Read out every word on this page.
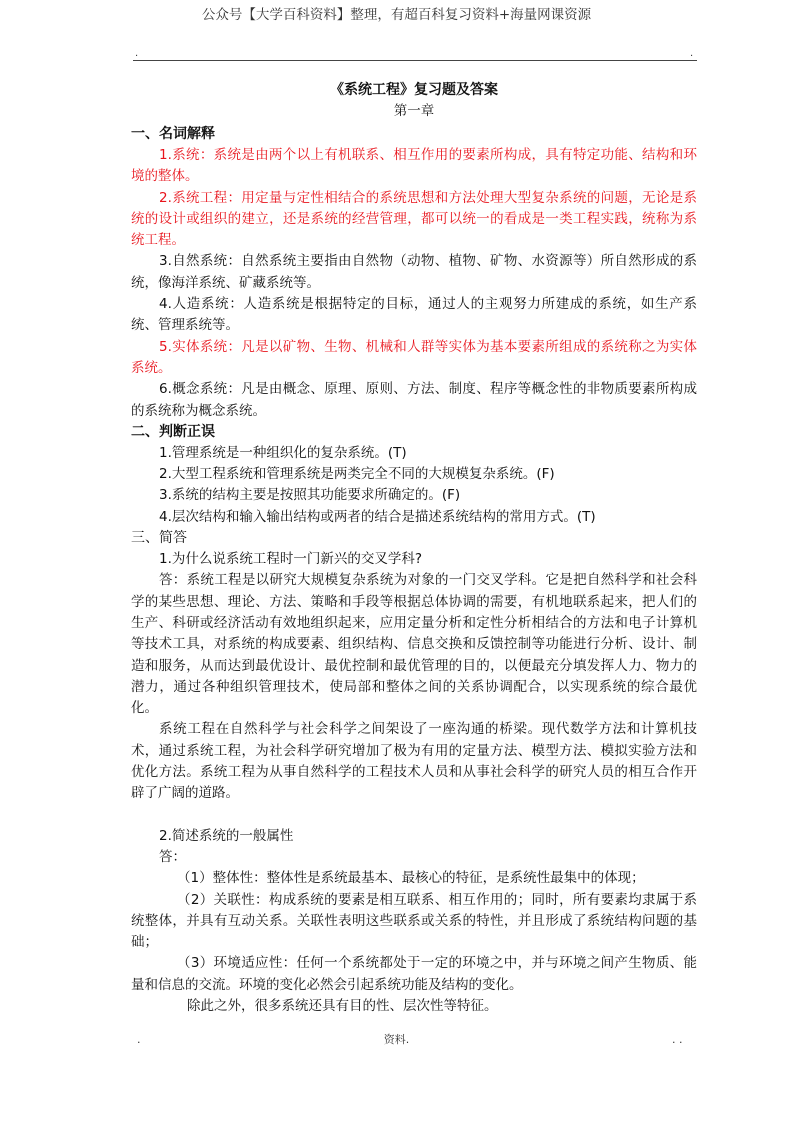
公众号【大学百科资料】整理，有超百科复习资料+海量网课资源
.	.
《系统工程》复习题及答案
第一章
一、名词解释

1.系统：系统是由两个以上有机联系、相互作用的要素所构成，具有特定功能、结构和环境的整体。

2.系统工程：用定量与定性相结合的系统思想和方法处理大型复杂系统的问题，无论是系统的设计或组织的建立，还是系统的经营管理，都可以统一的看成是一类工程实践，统称为系统工程。

3.自然系统：自然系统主要指由自然物（动物、植物、矿物、水资源等）所自然形成的系统，像海洋系统、矿藏系统等。

4.人造系统：人造系统是根据特定的目标，通过人的主观努力所建成的系统，如生产系统、管理系统等。

5.实体系统：凡是以矿物、生物、机械和人群等实体为基本要素所组成的系统称之为实体系统。

6.概念系统：凡是由概念、原理、原则、方法、制度、程序等概念性的非物质要素所构成的系统称为概念系统。

二、判断正误

1.管理系统是一种组织化的复杂系统。(T)

2.大型工程系统和管理系统是两类完全不同的大规模复杂系统。(F)

3.系统的结构主要是按照其功能要求所确定的。(F)

4.层次结构和输入输出结构或两者的结合是描述系统结构的常用方式。(T)

三、简答

1.为什么说系统工程时一门新兴的交叉学科?

答：系统工程是以研究大规模复杂系统为对象的一门交叉学科。它是把自然科学和社会科学的某些思想、理论、方法、策略和手段等根据总体协调的需要，有机地联系起来，把人们的生产、科研或经济活动有效地组织起来，应用定量分析和定性分析相结合的方法和电子计算机等技术工具，对系统的构成要素、组织结构、信息交换和反馈控制等功能进行分析、设计、制造和服务，从而达到最优设计、最优控制和最优管理的目的，以便最充分填发挥人力、物力的潜力，通过各种组织管理技术，使局部和整体之间的关系协调配合，以实现系统的综合最优化。

系统工程在自然科学与社会科学之间架设了一座沟通的桥梁。现代数学方法和计算机技术，通过系统工程，为社会科学研究增加了极为有用的定量方法、模型方法、模拟实验方法和优化方法。系统工程为从事自然科学的工程技术人员和从事社会科学的研究人员的相互合作开辟了广阔的道路。

2.简述系统的一般属性

答：

（1）整体性：整体性是系统最基本、最核心的特征，是系统性最集中的体现；

（2）关联性：构成系统的要素是相互联系、相互作用的；同时，所有要素均隶属于系统整体，并具有互动关系。关联性表明这些联系或关系的特性，并且形成了系统结构问题的基础；

（3）环境适应性：任何一个系统都处于一定的环境之中，并与环境之间产生物质、能量和信息的交流。环境的变化必然会引起系统功能及结构的变化。

除此之外，很多系统还具有目的性、层次性等特征。

.	资料.	. .
